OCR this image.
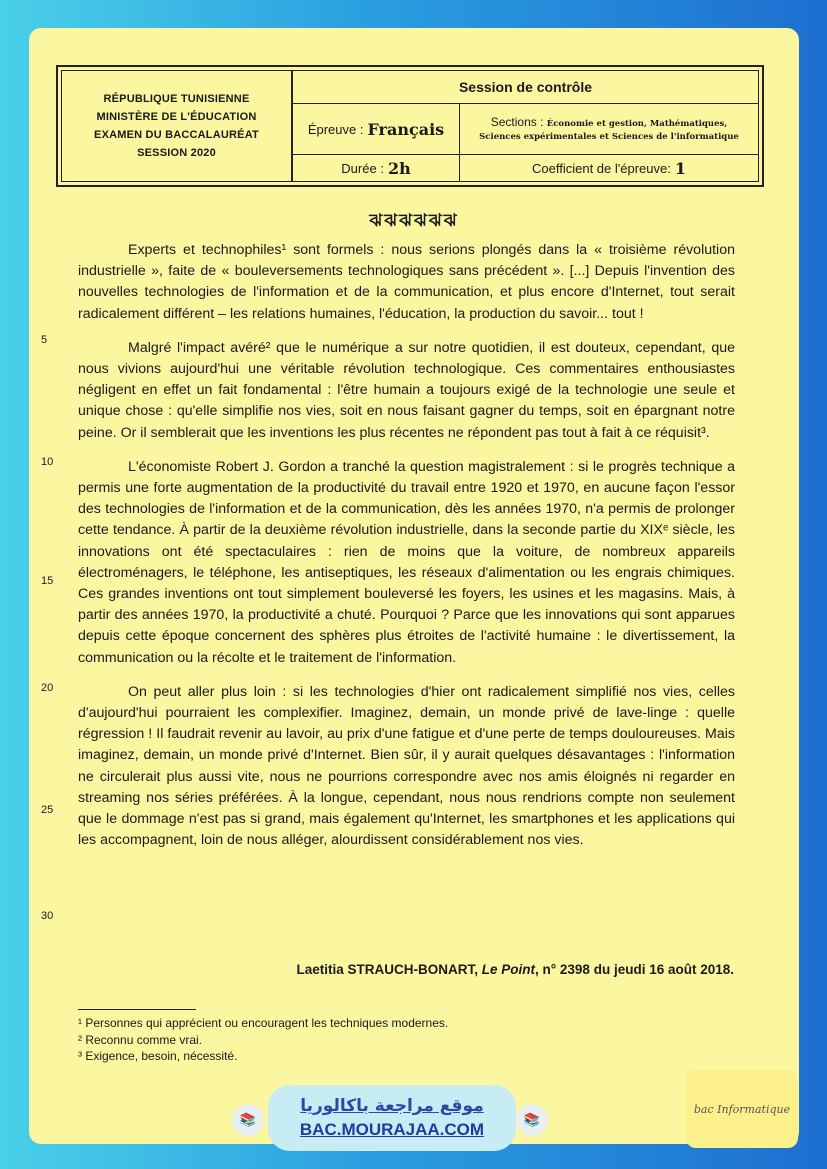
RÉPUBLIQUE TUNISIENNE
MINISTÈRE DE L'ÉDUCATION
EXAMEN DU BACCALAURÉAT
SESSION 2020
Session de contrôle
Épreuve : Français	Sections : Économie et gestion, Mathématiques,
Sciences expérimentales et Sciences de l'informatique
Durée : 2h	Coefficient de l'épreuve: 1
ঝঝঝঝঝঝ

Experts et technophiles¹ sont formels : nous serions plongés dans la « troisième révolution industrielle », faite de « bouleversements technologiques sans précédent ». [...] Depuis l'invention des nouvelles technologies de l'information et de la communication, et plus encore d'Internet, tout serait radicalement différent – les relations humaines, l'éducation, la production du savoir... tout !

Malgré l'impact avéré² que le numérique a sur notre quotidien, il est douteux, cependant, que nous vivions aujourd'hui une véritable révolution technologique. Ces commentaires enthousiastes négligent en effet un fait fondamental : l'être humain a toujours exigé de la technologie une seule et unique chose : qu'elle simplifie nos vies, soit en nous faisant gagner du temps, soit en épargnant notre peine. Or il semblerait que les inventions les plus récentes ne répondent pas tout à fait à ce réquisit³.

L'économiste Robert J. Gordon a tranché la question magistralement : si le progrès technique a permis une forte augmentation de la productivité du travail entre 1920 et 1970, en aucune façon l'essor des technologies de l'information et de la communication, dès les années 1970, n'a permis de prolonger cette tendance. À partir de la deuxième révolution industrielle, dans la seconde partie du XIXᵉ siècle, les innovations ont été spectaculaires : rien de moins que la voiture, de nombreux appareils électroménagers, le téléphone, les antiseptiques, les réseaux d'alimentation ou les engrais chimiques. Ces grandes inventions ont tout simplement bouleversé les foyers, les usines et les magasins. Mais, à partir des années 1970, la productivité a chuté. Pourquoi ? Parce que les innovations qui sont apparues depuis cette époque concernent des sphères plus étroites de l'activité humaine : le divertissement, la communication ou la récolte et le traitement de l'information.

On peut aller plus loin : si les technologies d'hier ont radicalement simplifié nos vies, celles d'aujourd'hui pourraient les complexifier. Imaginez, demain, un monde privé de lave-linge : quelle régression ! Il faudrait revenir au lavoir, au prix d'une fatigue et d'une perte de temps douloureuses. Mais imaginez, demain, un monde privé d'Internet. Bien sûr, il y aurait quelques désavantages : l'information ne circulerait plus aussi vite, nous ne pourrions correspondre avec nos amis éloignés ni regarder en streaming nos séries préférées. À la longue, cependant, nous nous rendrions compte non seulement que le dommage n'est pas si grand, mais également qu'Internet, les smartphones et les applications qui les accompagnent, loin de nous alléger, alourdissent considérablement nos vies.

5
10
15
20
25
30
Laetitia STRAUCH-BONART, Le Point, n° 2398 du jeudi 16 août 2018.
¹ Personnes qui apprécient ou encouragent les techniques modernes.
² Reconnu comme vrai.
³ Exigence, besoin, nécessité.
📚
موقع مراجعة باكالوريا
BAC.MOURAJAA.COM
📚
bac Informatique
